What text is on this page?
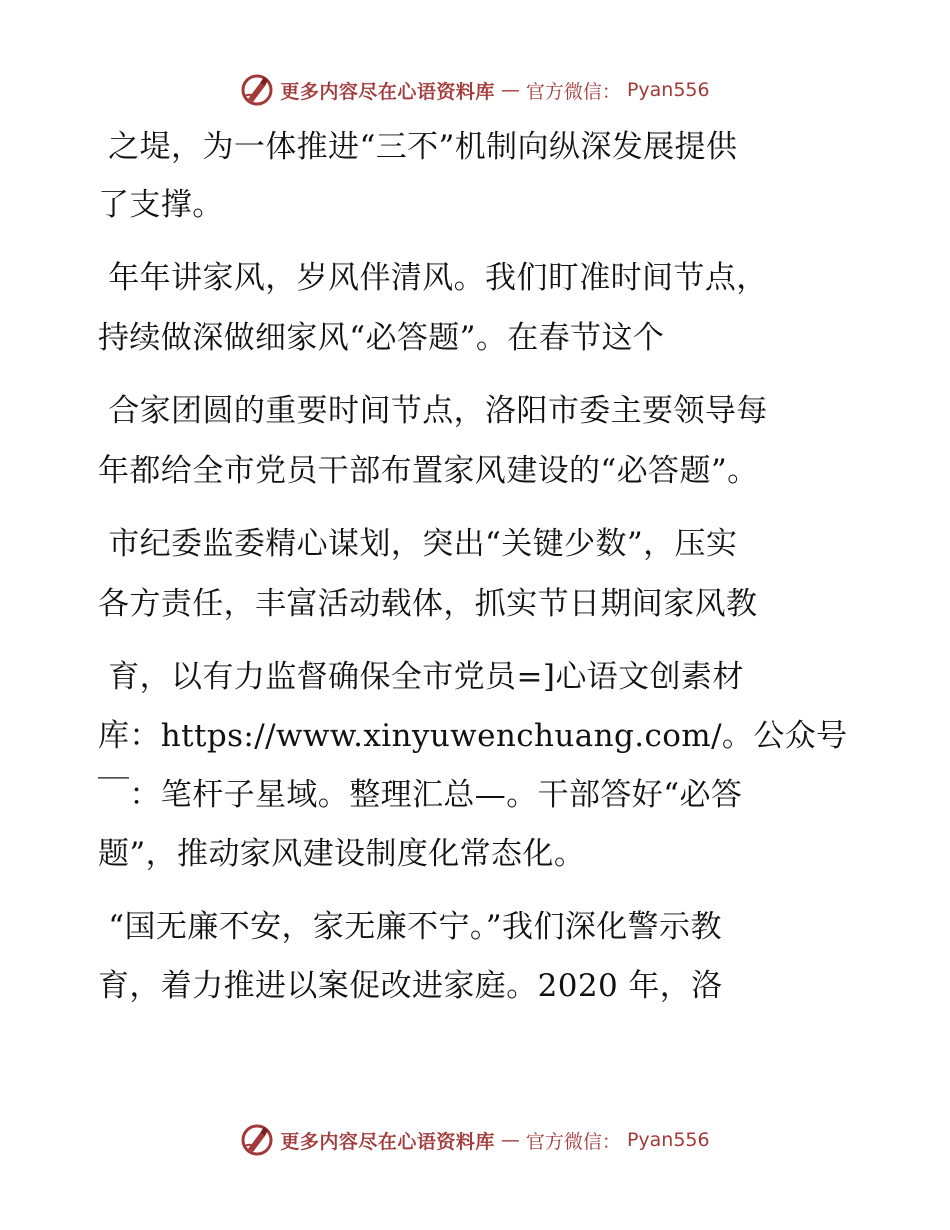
更多内容尽在心语资料库 — 官方微信： Pyan556
之堤，为一体推进“三不”机制向纵深发展提供
了支撑。
年年讲家风，岁风伴清风。我们盯准时间节点，
持续做深做细家风“必答题”。在春节这个
合家团圆的重要时间节点，洛阳市委主要领导每
年都给全市党员干部布置家风建设的“必答题”。
市纪委监委精心谋划，突出“关键少数”，压实
各方责任，丰富活动载体，抓实节日期间家风教
育，以有力监督确保全市党员=]心语文创素材
库：https://www.xinyuwenchuang.com/。公众号
￣：笔杆子星域。整理汇总—。干部答好“必答
题”，推动家风建设制度化常态化。
“国无廉不安，家无廉不宁。”我们深化警示教
育，着力推进以案促改进家庭。2020 年，洛
更多内容尽在心语资料库 — 官方微信： Pyan556
